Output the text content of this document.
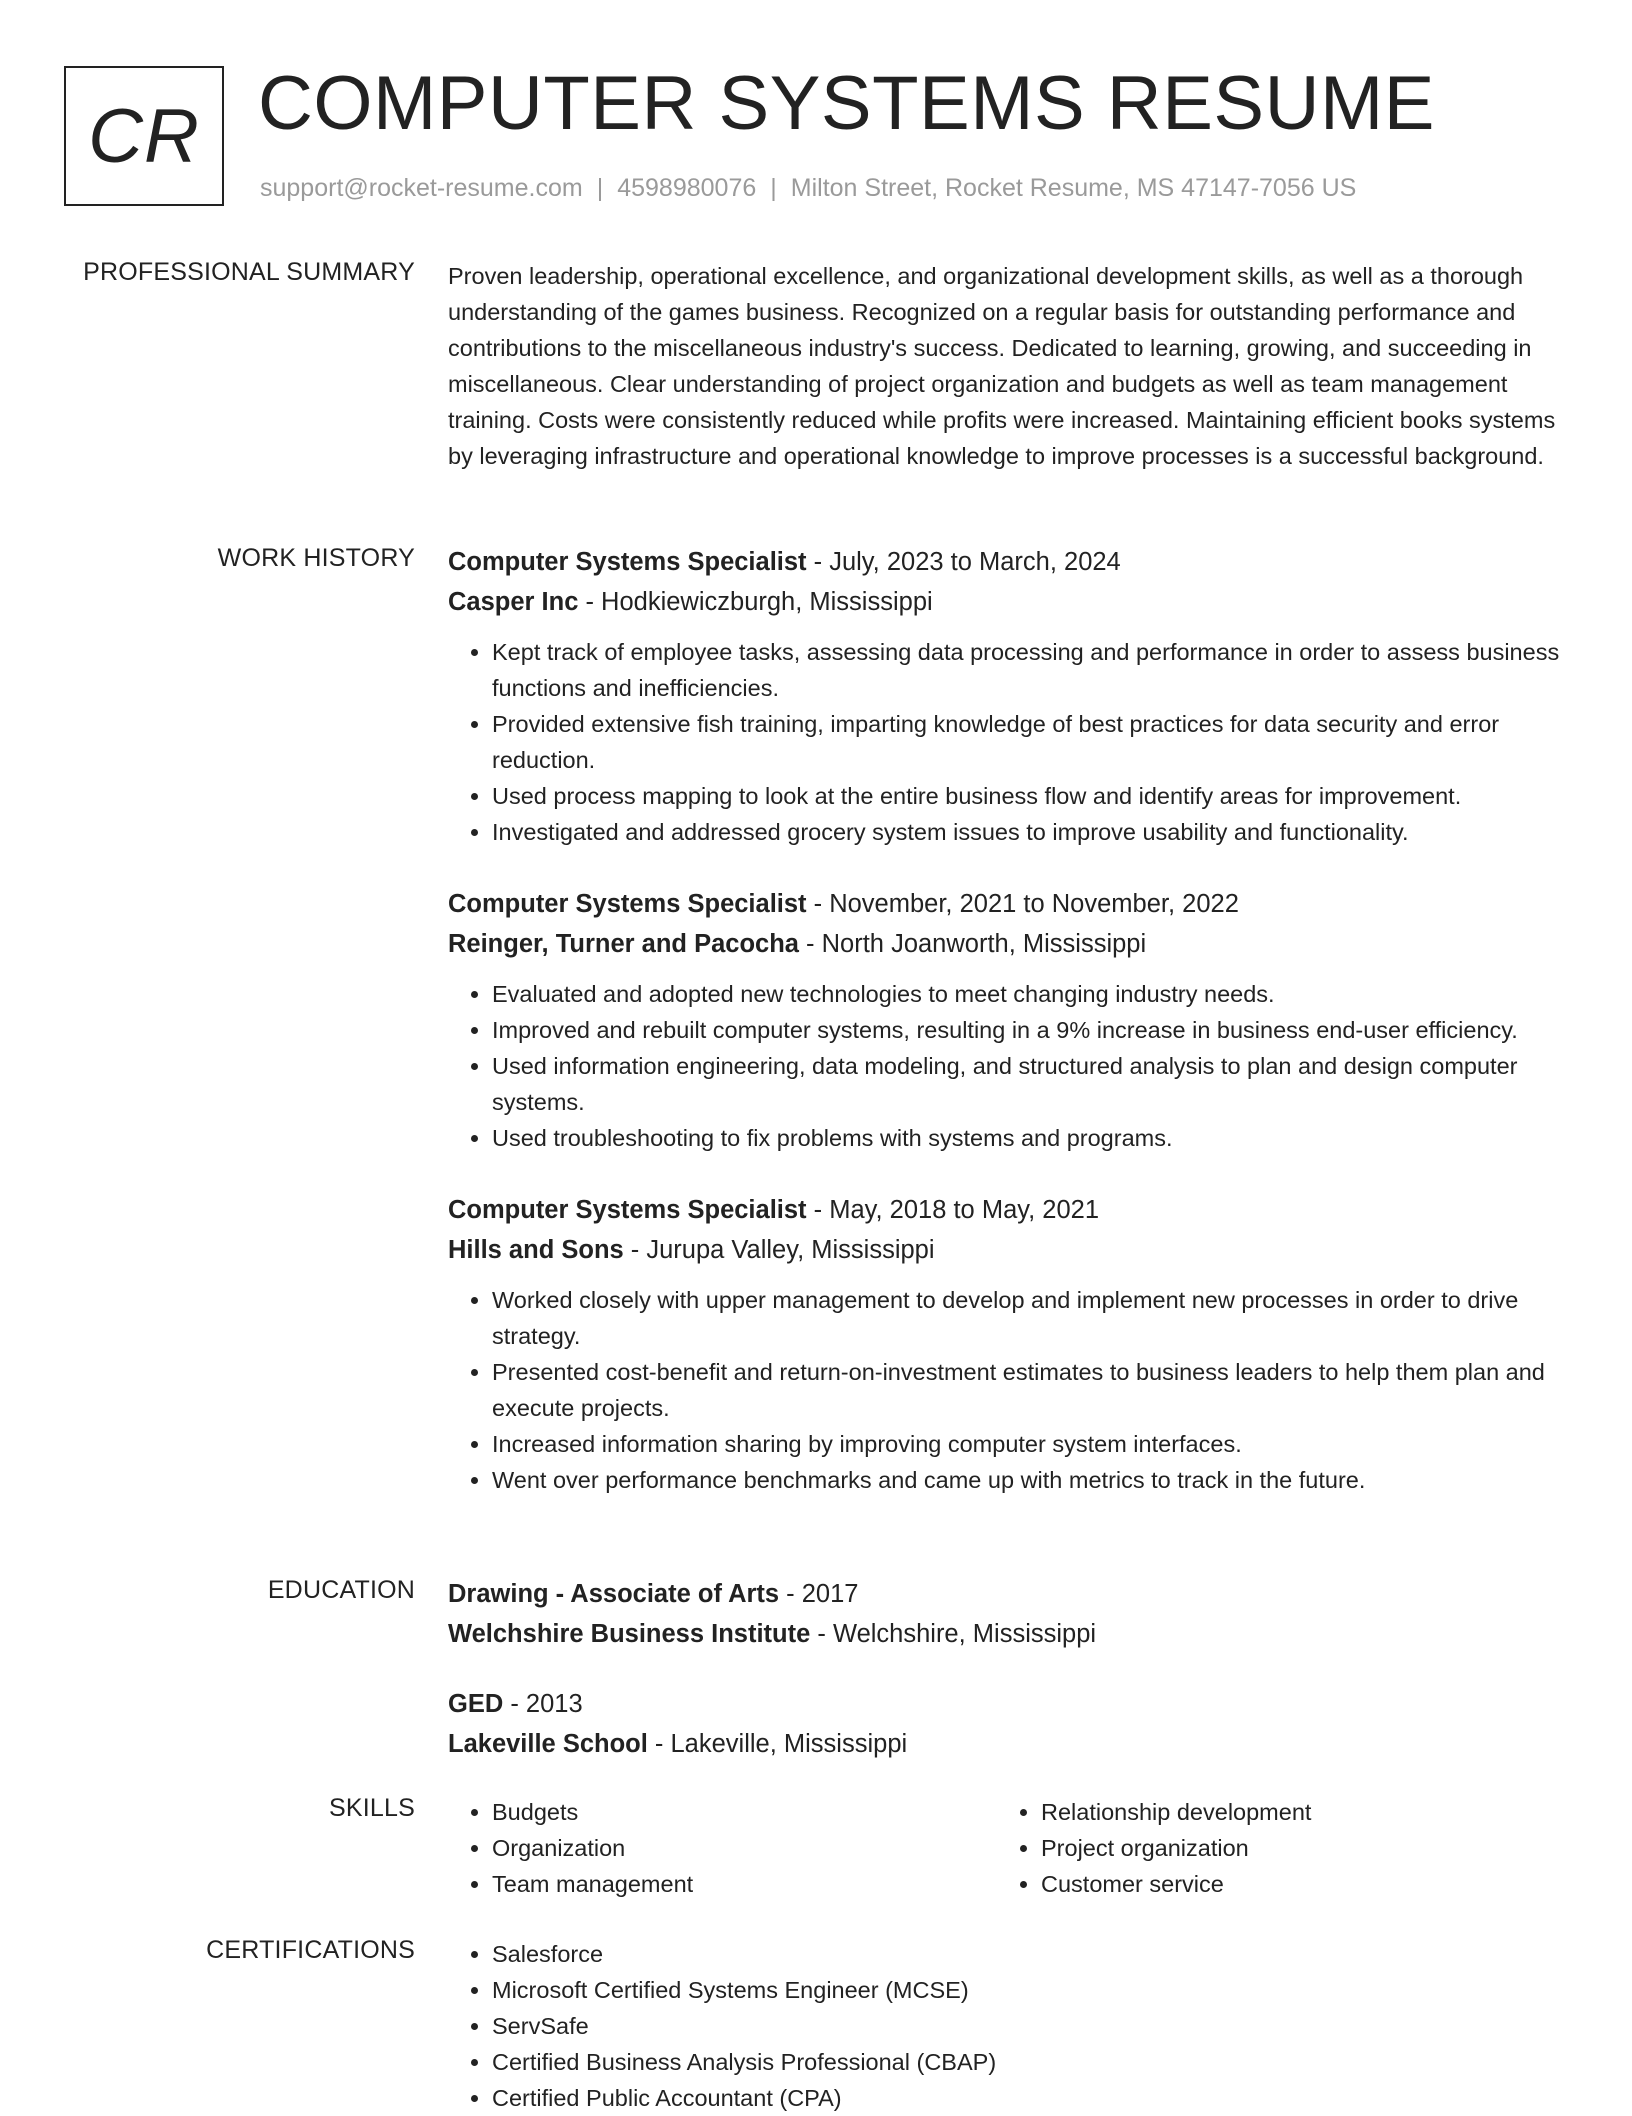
CR COMPUTER SYSTEMS RESUME
support@rocket-resume.com | 4598980076 | Milton Street, Rocket Resume, MS 47147-7056 US
PROFESSIONAL SUMMARY Proven leadership, operational excellence, and organizational development skills, as well as a thorough understanding of the games business. Recognized on a regular basis for outstanding performance and contributions to the miscellaneous industry's success. Dedicated to learning, growing, and succeeding in miscellaneous. Clear understanding of project organization and budgets as well as team management training. Costs were consistently reduced while profits were increased. Maintaining efficient books systems by leveraging infrastructure and operational knowledge to improve processes is a successful background.

WORK HISTORY Computer Systems Specialist - July, 2023 to March, 2024
Casper Inc - Hodkiewiczburgh, Mississippi
• Kept track of employee tasks, assessing data processing and performance in order to assess business functions and inefficiencies.
• Provided extensive fish training, imparting knowledge of best practices for data security and error reduction.
• Used process mapping to look at the entire business flow and identify areas for improvement.
• Investigated and addressed grocery system issues to improve usability and functionality.
Computer Systems Specialist - November, 2021 to November, 2022
Reinger, Turner and Pacocha - North Joanworth, Mississippi
• Evaluated and adopted new technologies to meet changing industry needs.
• Improved and rebuilt computer systems, resulting in a 9% increase in business end-user efficiency.
• Used information engineering, data modeling, and structured analysis to plan and design computer systems.
• Used troubleshooting to fix problems with systems and programs.
Computer Systems Specialist - May, 2018 to May, 2021
Hills and Sons - Jurupa Valley, Mississippi
• Worked closely with upper management to develop and implement new processes in order to drive strategy.
• Presented cost-benefit and return-on-investment estimates to business leaders to help them plan and execute projects.
• Increased information sharing by improving computer system interfaces.
• Went over performance benchmarks and came up with metrics to track in the future.
EDUCATION Drawing - Associate of Arts - 2017
Welchshire Business Institute - Welchshire, Mississippi
GED - 2013
Lakeville School - Lakeville, Mississippi
SKILLS	• Budgets
• Organization
• Team management
• Relationship development
• Project organization
• Customer service
CERTIFICATIONS	• Salesforce
• Microsoft Certified Systems Engineer (MCSE)
• ServSafe
• Certified Business Analysis Professional (CBAP)
• Certified Public Accountant (CPA)
